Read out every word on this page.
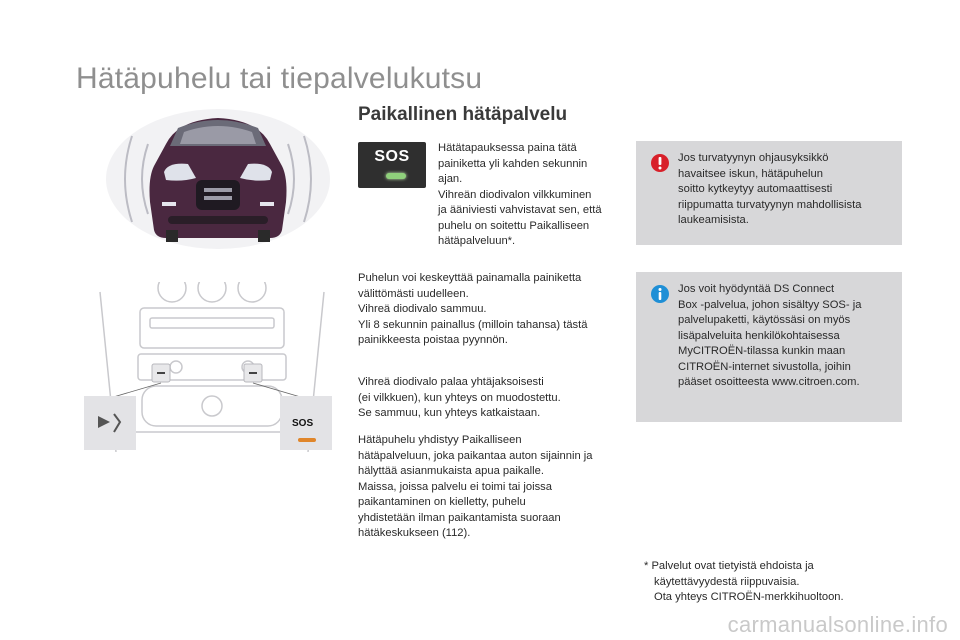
Hätäpuhelu tai tiepalvelukutsu
Paikallinen hätäpalvelu
SOS
SOS	Hätätapauksessa paina tätä

painiketta yli kahden sekunnin

ajan.

Vihreän diodivalon vilkkuminen

ja ääniviesti vahvistavat sen, että

puhelu on soitettu Paikalliseen

hätäpalveluun*.

Puhelun voi keskeyttää painamalla painiketta

välittömästi uudelleen.

Vihreä diodivalo sammuu.

Yli 8 sekunnin painallus (milloin tahansa) tästä

painikkeesta poistaa pyynnön.

Vihreä diodivalo palaa yhtäjaksoisesti

(ei vilkkuen), kun yhteys on muodostettu.

Se sammuu, kun yhteys katkaistaan.

Hätäpuhelu yhdistyy Paikalliseen

hätäpalveluun, joka paikantaa auton sijainnin ja

hälyttää asianmukaista apua paikalle.

Maissa, joissa palvelu ei toimi tai joissa

paikantaminen on kielletty, puhelu

yhdistetään ilman paikantamista suoraan

hätäkeskukseen (112).

Jos turvatyynyn ohjausyksikkö
havaitsee iskun, hätäpuhelun
soitto kytkeytyy automaattisesti
riippumatta turvatyynyn mahdollisista
laukeamisista.
Jos voit hyödyntää DS Connect
Box -palvelua, johon sisältyy SOS- ja
palvelupaketti, käytössäsi on myös
lisäpalveluita henkilökohtaisessa
MyCITROËN-tilassa kunkin maan
CITROËN-internet sivustolla, joihin
pääset osoitteesta www.citroen.com.
* Palvelut ovat tietyistä ehdoista ja
käytettävyydestä riippuvaisia.
Ota yhteys CITROËN-merkkihuoltoon.
carmanualsonline.info
